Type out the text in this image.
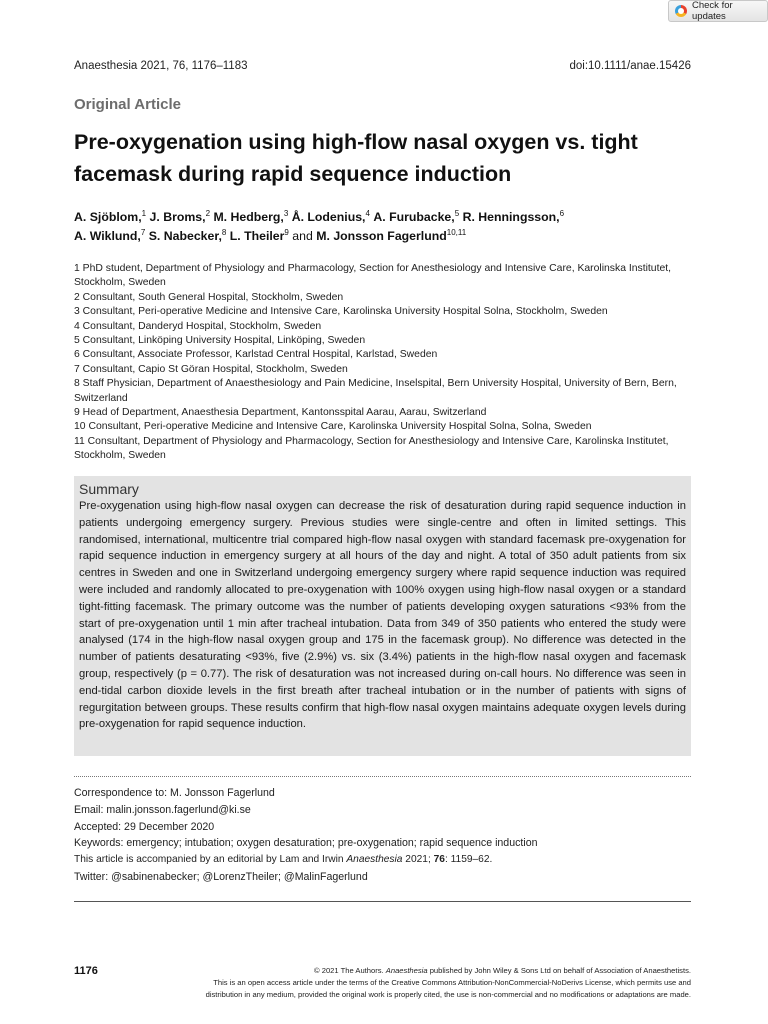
Check for updates
Anaesthesia 2021, 76, 1176–1183	doi:10.1111/anae.15426
Original Article
Pre-oxygenation using high-flow nasal oxygen vs. tight facemask during rapid sequence induction
A. Sjöblom,$^1$ J. Broms,$^2$ M. Hedberg,$^3$ Å. Lodenius,$^4$ A. Furubacke,$^5$ R. Henningsson,$^6$
A. Wiklund,$^7$ S. Nabecker,$^8$ L. Theiler$^9$ and M. Jonsson Fagerlund$^{10,11}$
1 PhD student, Department of Physiology and Pharmacology, Section for Anesthesiology and Intensive Care, Karolinska Institutet, Stockholm, Sweden
2 Consultant, South General Hospital, Stockholm, Sweden
3 Consultant, Peri-operative Medicine and Intensive Care, Karolinska University Hospital Solna, Stockholm, Sweden
4 Consultant, Danderyd Hospital, Stockholm, Sweden
5 Consultant, Linköping University Hospital, Linköping, Sweden
6 Consultant, Associate Professor, Karlstad Central Hospital, Karlstad, Sweden
7 Consultant, Capio St Göran Hospital, Stockholm, Sweden
8 Staff Physician, Department of Anaesthesiology and Pain Medicine, Inselspital, Bern University Hospital, University of Bern, Bern, Switzerland
9 Head of Department, Anaesthesia Department, Kantonsspital Aarau, Aarau, Switzerland
10 Consultant, Peri-operative Medicine and Intensive Care, Karolinska University Hospital Solna, Solna, Sweden
11 Consultant, Department of Physiology and Pharmacology, Section for Anesthesiology and Intensive Care, Karolinska Institutet, Stockholm, Sweden
Summary

Pre-oxygenation using high-flow nasal oxygen can decrease the risk of desaturation during rapid sequence induction in patients undergoing emergency surgery. Previous studies were single-centre and often in limited settings. This randomised, international, multicentre trial compared high-flow nasal oxygen with standard facemask pre-oxygenation for rapid sequence induction in emergency surgery at all hours of the day and night. A total of 350 adult patients from six centres in Sweden and one in Switzerland undergoing emergency surgery where rapid sequence induction was required were included and randomly allocated to pre-oxygenation with 100% oxygen using high-flow nasal oxygen or a standard tight-fitting facemask. The primary outcome was the number of patients developing oxygen saturations <93% from the start of pre-oxygenation until 1 min after tracheal intubation. Data from 349 of 350 patients who entered the study were analysed (174 in the high-flow nasal oxygen group and 175 in the facemask group). No difference was detected in the number of patients desaturating <93%, five (2.9%) vs. six (3.4%) patients in the high-flow nasal oxygen and facemask group, respectively (p = 0.77). The risk of desaturation was not increased during on-call hours. No difference was seen in end-tidal carbon dioxide levels in the first breath after tracheal intubation or in the number of patients with signs of regurgitation between groups. These results confirm that high-flow nasal oxygen maintains adequate oxygen levels during pre-oxygenation for rapid sequence induction.

Correspondence to: M. Jonsson Fagerlund
Email: malin.jonsson.fagerlund@ki.se
Accepted: 29 December 2020
Keywords: emergency; intubation; oxygen desaturation; pre-oxygenation; rapid sequence induction
This article is accompanied by an editorial by Lam and Irwin Anaesthesia 2021; 76: 1159–62.
Twitter: @sabinenabecker; @LorenzTheiler; @MalinFagerlund
1176	© 2021 The Authors. Anaesthesia published by John Wiley & Sons Ltd on behalf of Association of Anaesthetists.
This is an open access article under the terms of the Creative Commons Attribution-NonCommercial-NoDerivs License, which permits use and
distribution in any medium, provided the original work is properly cited, the use is non-commercial and no modifications or adaptations are made.
